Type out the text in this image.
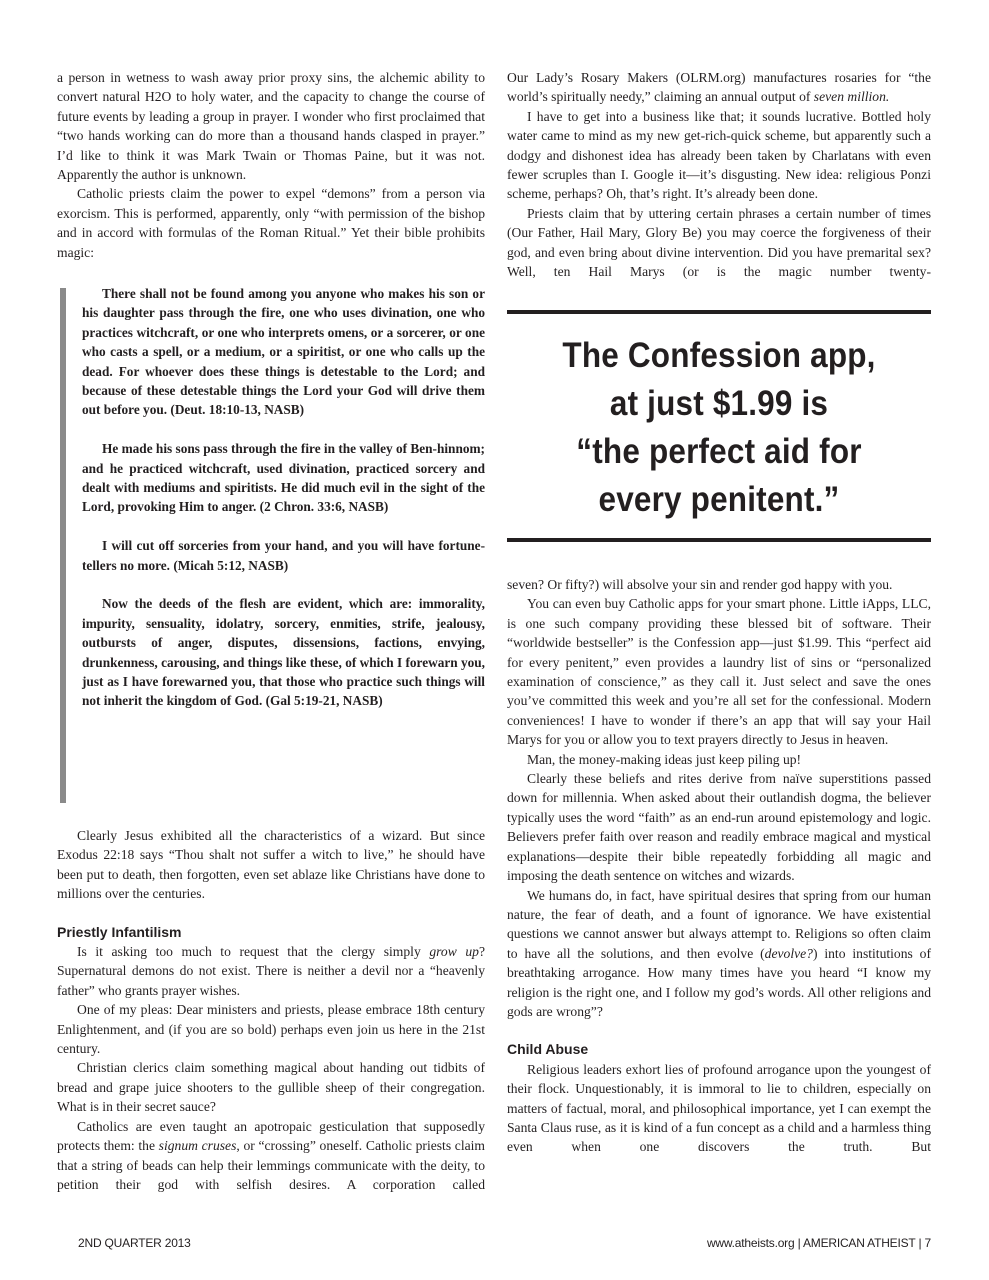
a person in wetness to wash away prior proxy sins, the alchemic ability to convert natural H2O to holy water, and the capacity to change the course of future events by leading a group in prayer. I wonder who first proclaimed that “two hands working can do more than a thousand hands clasped in prayer.” I’d like to think it was Mark Twain or Thomas Paine, but it was not. Apparently the author is unknown.

Catholic priests claim the power to expel “demons” from a person via exorcism. This is performed, apparently, only “with permission of the bishop and in accord with formulas of the Roman Ritual.” Yet their bible prohibits magic:

There shall not be found among you anyone who makes his son or his daughter pass through the fire, one who uses divination, one who practices witchcraft, or one who interprets omens, or a sorcerer, or one who casts a spell, or a medium, or a spiritist, or one who calls up the dead. For whoever does these things is detestable to the Lord; and because of these detestable things the Lord your God will drive them out before you. (Deut. 18:10-13, NASB)

He made his sons pass through the fire in the valley of Ben-hinnom; and he practiced witchcraft, used divination, practiced sorcery and dealt with mediums and spiritists. He did much evil in the sight of the Lord, provoking Him to anger. (2 Chron. 33:6, NASB)

I will cut off sorceries from your hand, and you will have fortune-tellers no more. (Micah 5:12, NASB)

Now the deeds of the flesh are evident, which are: immorality, impurity, sensuality, idolatry, sorcery, enmities, strife, jealousy, outbursts of anger, disputes, dissensions, factions, envying, drunkenness, carousing, and things like these, of which I forewarn you, just as I have forewarned you, that those who practice such things will not inherit the kingdom of God. (Gal 5:19-21, NASB)

Clearly Jesus exhibited all the characteristics of a wizard. But since Exodus 22:18 says “Thou shalt not suffer a witch to live,” he should have been put to death, then forgotten, even set ablaze like Christians have done to millions over the centuries.

Priestly Infantilism

Is it asking too much to request that the clergy simply grow up? Supernatural demons do not exist. There is neither a devil nor a “heavenly father” who grants prayer wishes.

One of my pleas: Dear ministers and priests, please embrace 18th century Enlightenment, and (if you are so bold) perhaps even join us here in the 21st century.

Christian clerics claim something magical about handing out tidbits of bread and grape juice shooters to the gullible sheep of their congregation. What is in their secret sauce?

Catholics are even taught an apotropaic gesticulation that supposedly protects them: the signum cruses, or “crossing” oneself. Catholic priests claim that a string of beads can help their lemmings communicate with the deity, to petition their god with selfish desires. A corporation called

Our Lady’s Rosary Makers (OLRM.org) manufactures rosaries for “the world’s spiritually needy,” claiming an annual output of seven million.

I have to get into a business like that; it sounds lucrative. Bottled holy water came to mind as my new get-rich-quick scheme, but apparently such a dodgy and dishonest idea has already been taken by Charlatans with even fewer scruples than I. Google it—it’s disgusting. New idea: religious Ponzi scheme, perhaps? Oh, that’s right. It’s already been done.

Priests claim that by uttering certain phrases a certain number of times (Our Father, Hail Mary, Glory Be) you may coerce the forgiveness of their god, and even bring about divine intervention. Did you have premarital sex? Well, ten Hail Marys (or is the magic number twenty-

The Confession app,
at just $1.99 is
“the perfect aid for
every penitent.”

seven? Or fifty?) will absolve your sin and render god happy with you.

You can even buy Catholic apps for your smart phone. Little iApps, LLC, is one such company providing these blessed bit of software. Their “worldwide bestseller” is the Confession app—just $1.99. This “perfect aid for every penitent,” even provides a laundry list of sins or “personalized examination of conscience,” as they call it. Just select and save the ones you’ve committed this week and you’re all set for the confessional. Modern conveniences! I have to wonder if there’s an app that will say your Hail Marys for you or allow you to text prayers directly to Jesus in heaven.

Man, the money-making ideas just keep piling up!

Clearly these beliefs and rites derive from naïve superstitions passed down for millennia. When asked about their outlandish dogma, the believer typically uses the word “faith” as an end-run around epistemology and logic. Believers prefer faith over reason and readily embrace magical and mystical explanations—despite their bible repeatedly forbidding all magic and imposing the death sentence on witches and wizards.

We humans do, in fact, have spiritual desires that spring from our human nature, the fear of death, and a fount of ignorance. We have existential questions we cannot answer but always attempt to. Religions so often claim to have all the solutions, and then evolve (devolve?) into institutions of breathtaking arrogance. How many times have you heard “I know my religion is the right one, and I follow my god’s words. All other religions and gods are wrong”?

Child Abuse

Religious leaders exhort lies of profound arrogance upon the youngest of their flock. Unquestionably, it is immoral to lie to children, especially on matters of factual, moral, and philosophical importance, yet I can exempt the Santa Claus ruse, as it is kind of a fun concept as a child and a harmless thing even when one discovers the truth. But

2ND QUARTER 2013	www.atheists.org | AMERICAN ATHEIST | 7
